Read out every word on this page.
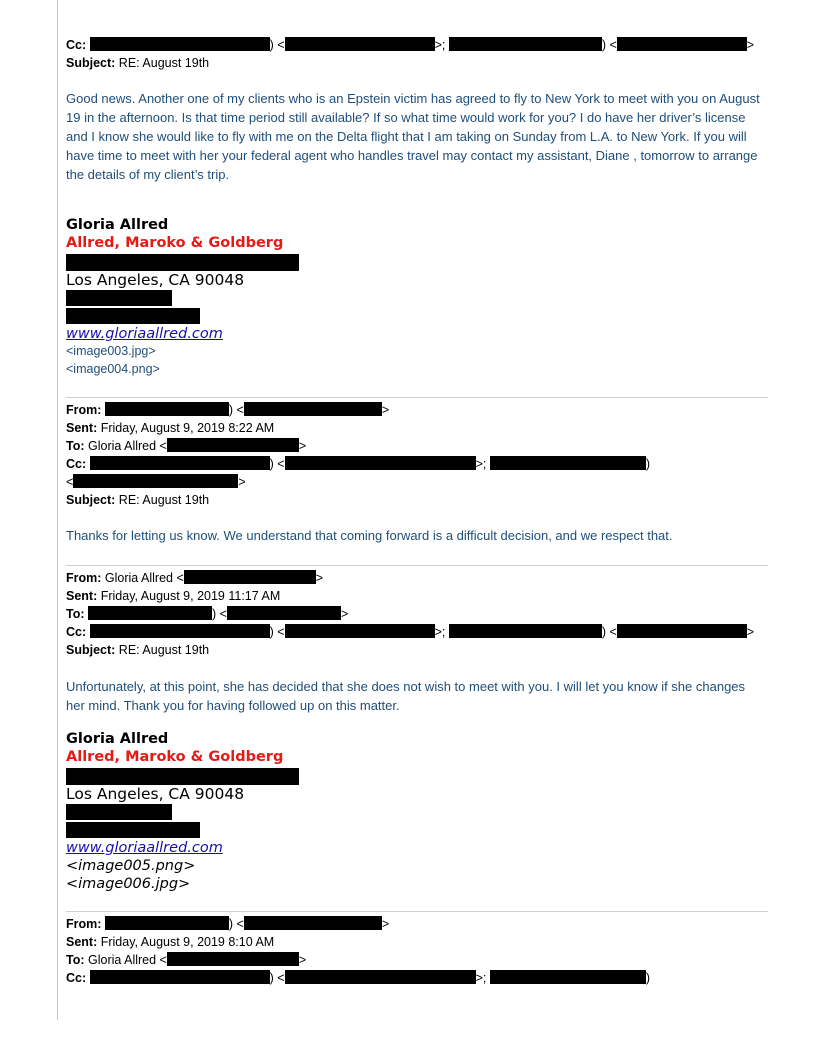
Cc:	) <	>;	) <	>
Subject: RE: August 19th
Good news. Another one of my clients who is an Epstein victim has agreed to fly to New York to meet with you on August 19 in the afternoon. Is that time period still available? If so what time would work for you? I do have her driver’s license and I know she would like to fly with me on the Delta flight that I am taking on Sunday from L.A. to New York. If you will have time to meet with her your federal agent who handles travel may contact my assistant, Diane , tomorrow to arrange the details of my client’s trip.
Gloria Allred
Allred, Maroko & Goldberg
Los Angeles, CA 90048
www.gloriaallred.com
<image003.jpg>
<image004.png>
From:	) <	>
Sent: Friday, August 9, 2019 8:22 AM
To: Gloria Allred <	>
Cc:	) <	>;	)
<	>
Subject: RE: August 19th
Thanks for letting us know. We understand that coming forward is a difficult decision, and we respect that.
From: Gloria Allred <	>
Sent: Friday, August 9, 2019 11:17 AM
To:	) <	>
Cc:	) <	>;	) <	>
Subject: RE: August 19th
Unfortunately, at this point, she has decided that she does not wish to meet with you. I will let you know if she changes her mind. Thank you for having followed up on this matter.
Gloria Allred
Allred, Maroko & Goldberg
Los Angeles, CA 90048
www.gloriaallred.com
<image005.png>
<image006.jpg>
From:	) <	>
Sent: Friday, August 9, 2019 8:10 AM
To: Gloria Allred <	>
Cc:	) <	>;	)
